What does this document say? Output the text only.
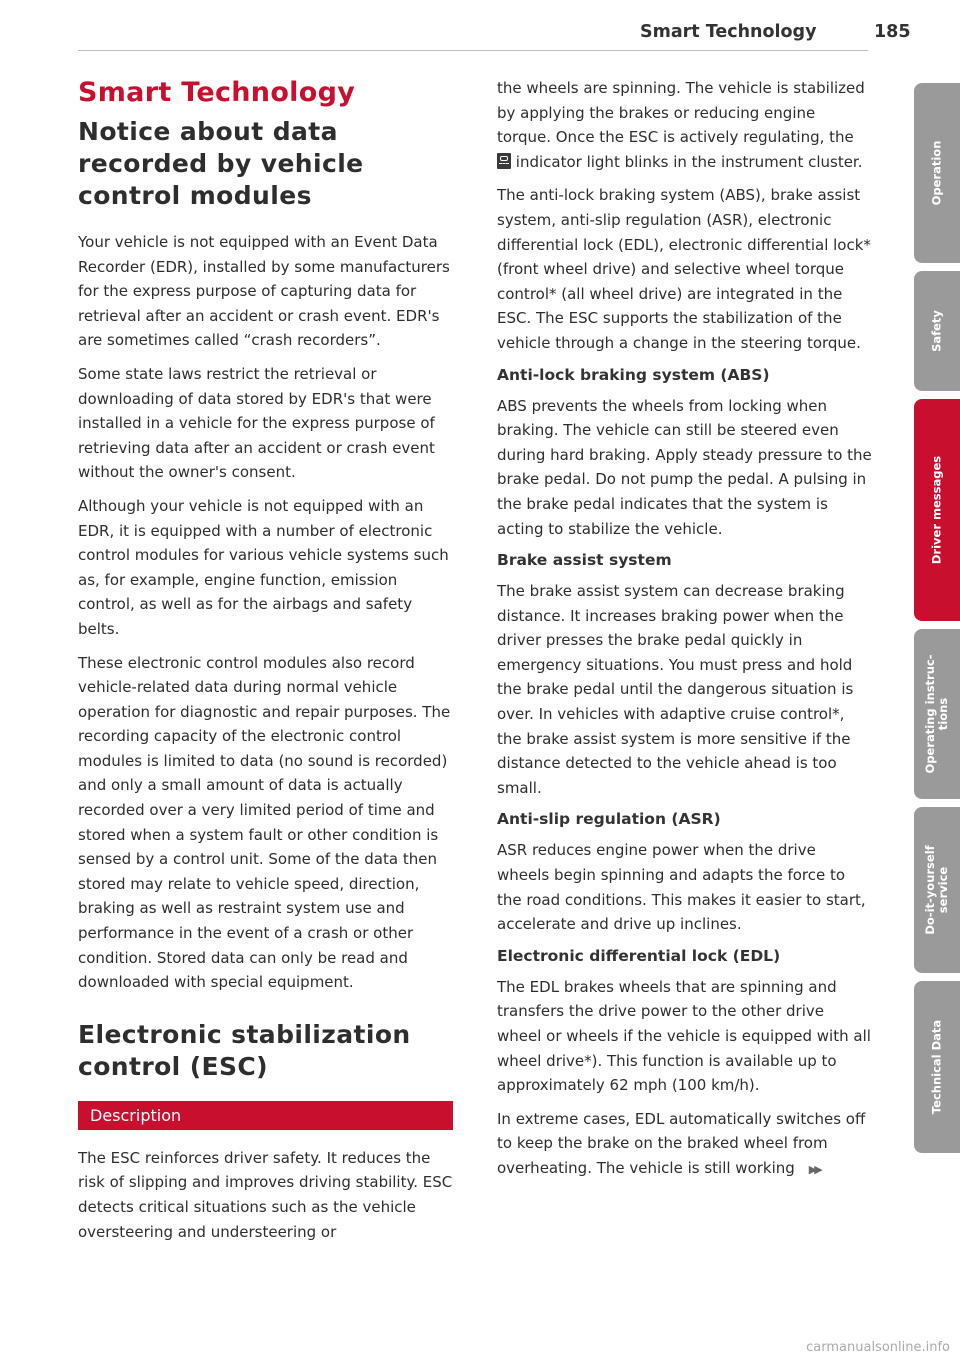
Smart Technology	185
Smart Technology
Notice about data recorded by vehicle control modules

Your vehicle is not equipped with an Event Data Recorder (EDR), installed by some manufacturers for the express purpose of capturing data for retrieval after an accident or crash event. EDR's are sometimes called “crash recorders”.

Some state laws restrict the retrieval or downloading of data stored by EDR's that were installed in a vehicle for the express purpose of retrieving data after an accident or crash event without the owner's consent.

Although your vehicle is not equipped with an EDR, it is equipped with a number of electronic control modules for various vehicle systems such as, for example, engine function, emission control, as well as for the airbags and safety belts.

These electronic control modules also record vehicle-related data during normal vehicle operation for diagnostic and repair purposes. The recording capacity of the electronic control modules is limited to data (no sound is recorded) and only a small amount of data is actually recorded over a very limited period of time and stored when a system fault or other condition is sensed by a control unit. Some of the data then stored may relate to vehicle speed, direction, braking as well as restraint system use and performance in the event of a crash or other condition. Stored data can only be read and downloaded with special equipment.

Electronic stabilization control (ESC)
Description

The ESC reinforces driver safety. It reduces the risk of slipping and improves driving stability. ESC detects critical situations such as the vehicle oversteering and understeering or

the wheels are spinning. The vehicle is stabilized by applying the brakes or reducing engine torque. Once the ESC is actively regulating, the  indicator light blinks in the instrument cluster.

The anti-lock braking system (ABS), brake assist system, anti-slip regulation (ASR), electronic differential lock (EDL), electronic differential lock* (front wheel drive) and selective wheel torque control* (all wheel drive) are integrated in the ESC. The ESC supports the stabilization of the vehicle through a change in the steering torque.

Anti-lock braking system (ABS)

ABS prevents the wheels from locking when braking. The vehicle can still be steered even during hard braking. Apply steady pressure to the brake pedal. Do not pump the pedal. A pulsing in the brake pedal indicates that the system is acting to stabilize the vehicle.

Brake assist system

The brake assist system can decrease braking distance. It increases braking power when the driver presses the brake pedal quickly in emergency situations. You must press and hold the brake pedal until the dangerous situation is over. In vehicles with adaptive cruise control*, the brake assist system is more sensitive if the distance detected to the vehicle ahead is too small.

Anti-slip regulation (ASR)

ASR reduces engine power when the drive wheels begin spinning and adapts the force to the road conditions. This makes it easier to start, accelerate and drive up inclines.

Electronic differential lock (EDL)

The EDL brakes wheels that are spinning and transfers the drive power to the other drive wheel or wheels if the vehicle is equipped with all wheel drive*). This function is available up to approximately 62 mph (100 km/h).

In extreme cases, EDL automatically switches off to keep the brake on the braked wheel from overheating. The vehicle is still working ▶▶

Operation
Safety
Driver messages
Operating instruc-
tions
Do-it-yourself
service
Technical Data
carmanualsonline.info
